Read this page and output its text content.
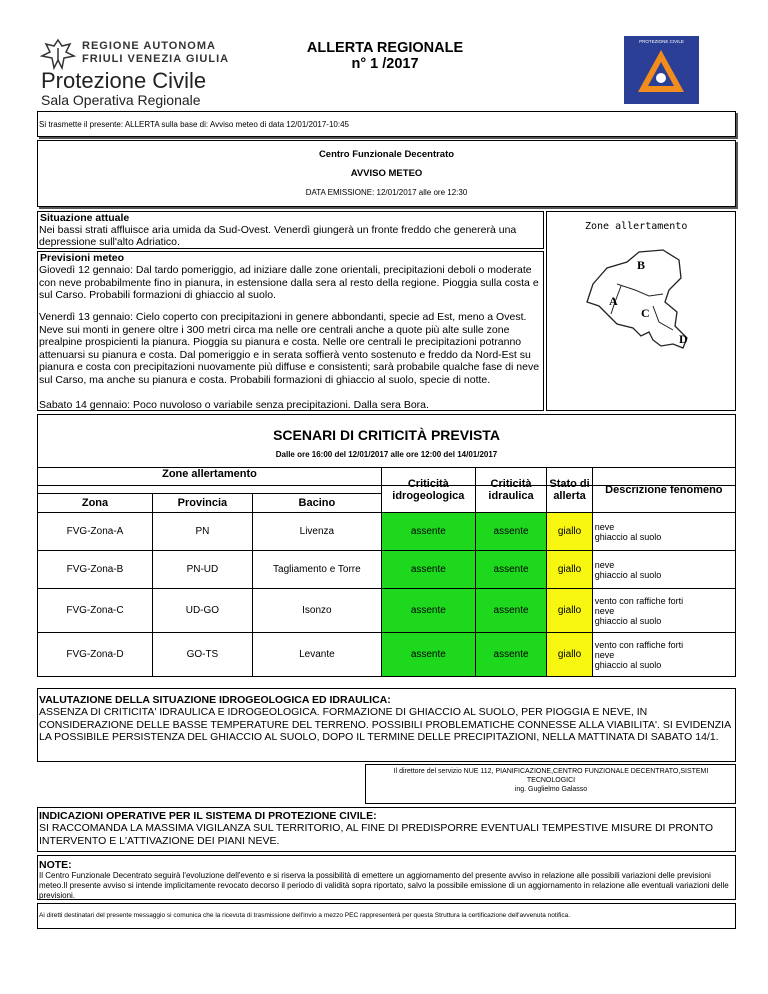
REGIONE AUTONOMA
FRIULI VENEZIA GIULIA
Protezione Civile
Sala Operativa Regionale
ALLERTA REGIONALE
n° 1 /2017
PROTEZIONE CIVILE
Si trasmette il presente: ALLERTA sulla base di: Avviso meteo di data 12/01/2017-10:45
Centro Funzionale Decentrato
AVVISO METEO
DATA EMISSIONE: 12/01/2017 alle ore 12:30
Situazione attuale
Nei bassi strati affluisce aria umida da Sud-Ovest. Venerdì giungerà un fronte freddo che genererà una depressione sull'alto Adriatico.
Previsioni meteo
Giovedì 12 gennaio: Dal tardo pomeriggio, ad iniziare dalle zone orientali, precipitazioni deboli o moderate con neve probabilmente fino in pianura, in estensione dalla sera al resto della regione. Pioggia sulla costa e sul Carso. Probabili formazioni di ghiaccio al suolo.
Venerdì 13 gennaio: Cielo coperto con precipitazioni in genere abbondanti, specie ad Est, meno a Ovest. Neve sui monti in genere oltre i 300 metri circa ma nelle ore centrali anche a quote più alte sulle zone prealpine prospicienti la pianura. Pioggia su pianura e costa. Nelle ore centrali le precipitazioni potranno attenuarsi su pianura e costa. Dal pomeriggio e in serata soffierà vento sostenuto e freddo da Nord-Est su pianura e costa con precipitazioni nuovamente più diffuse e consistenti; sarà probabile qualche fase di neve sul Carso, ma anche su pianura e costa. Probabili formazioni di ghiaccio al suolo, specie di notte.
Sabato 14 gennaio: Poco nuvoloso o variabile senza precipitazioni. Dalla sera Bora.
Zone allertamento
A
B
C
D
SCENARI DI CRITICITÀ PREVISTA
Dalle ore 16:00 del 12/01/2017 alle ore 12:00 del 14/01/2017
Zone allertamento			Criticità idrogeologica	Criticità idraulica	Stato di allerta	Descrizione fenomeno
Zona	Provincia	Bacino				
FVG-Zona-A	PN	Livenza	assente	assente	giallo	neve
ghiaccio al suolo

FVG-Zona-B	PN-UD	Tagliamento e Torre	assente	assente	giallo	neve
ghiaccio al suolo

FVG-Zona-C	UD-GO	Isonzo	assente	assente	giallo	vento con raffiche forti
neve
ghiaccio al suolo

FVG-Zona-D	GO-TS	Levante	assente	assente	giallo	vento con raffiche forti
neve
ghiaccio al suolo
VALUTAZIONE DELLA SITUAZIONE IDROGEOLOGICA ED IDRAULICA:
ASSENZA DI CRITICITA' IDRAULICA E IDROGEOLOGICA. FORMAZIONE DI GHIACCIO AL SUOLO, PER PIOGGIA E NEVE, IN CONSIDERAZIONE DELLE BASSE TEMPERATURE DEL TERRENO. POSSIBILI PROBLEMATICHE CONNESSE ALLA VIABILITA'. SI EVIDENZIA LA POSSIBILE PERSISTENZA DEL GHIACCIO AL SUOLO, DOPO IL TERMINE DELLE PRECIPITAZIONI, NELLA MATTINATA DI SABATO 14/1.
Il direttore del servizio NUE 112, PIANIFICAZIONE,CENTRO FUNZIONALE DECENTRATO,SISTEMI TECNOLOGICI
ing. Guglielmo Galasso
INDICAZIONI OPERATIVE PER IL SISTEMA DI PROTEZIONE CIVILE:
SI RACCOMANDA LA MASSIMA VIGILANZA SUL TERRITORIO, AL FINE DI PREDISPORRE EVENTUALI TEMPESTIVE MISURE DI PRONTO INTERVENTO E L'ATTIVAZIONE DEI PIANI NEVE.
NOTE:
Il Centro Funzionale Decentrato seguirà l'evoluzione dell'evento e si riserva la possibilità di emettere un aggiornamento del presente avviso in relazione alle possibili variazioni delle previsioni meteo.Il presente avviso si intende implicitamente revocato decorso il periodo di validità sopra riportato, salvo la possibile emissione di un aggiornamento in relazione alle eventuali variazioni delle previsioni.
Ai diretti destinatari del presente messaggio si comunica che la ricevuta di trasmissione dell'invio a mezzo PEC rappresenterà per questa Struttura la certificazione dell'avvenuta notifica.
